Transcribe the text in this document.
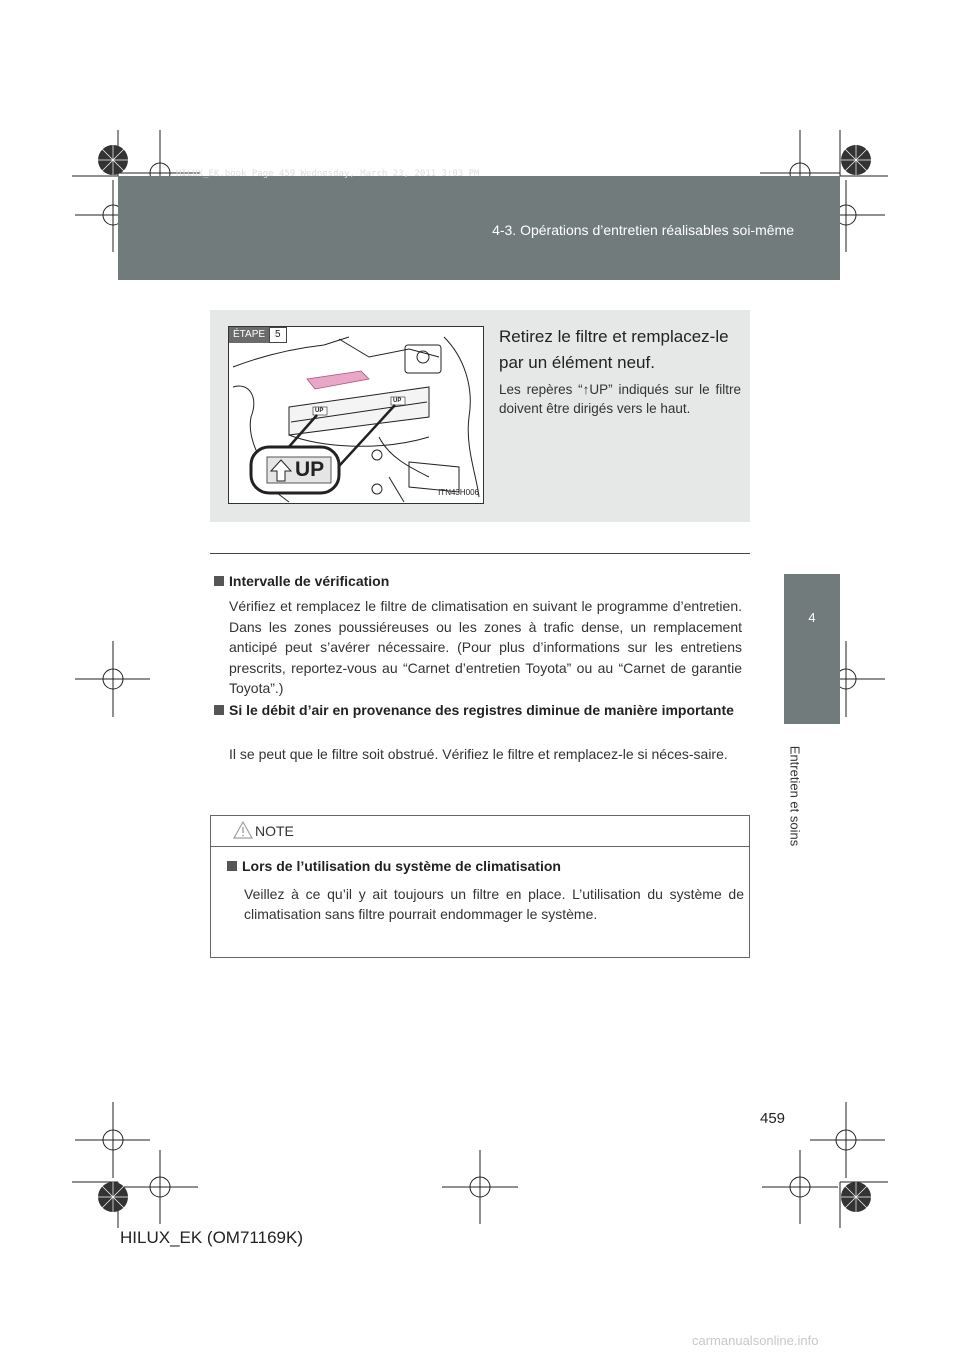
HILUX_EK.book Page 459 Wednesday, March 23, 2011 3:03 PM
4-3. Opérations d’entretien réalisables soi-même
4
Entretien et soins
UP
UP
UP
ÉTAPE	5
ITN43H006
Retirez le filtre et remplacez-le par un élément neuf.
Les repères “↑UP” indiqués sur le filtre doivent être dirigés vers le haut.
Intervalle de vérification
Vérifiez et remplacez le filtre de climatisation en suivant le programme d’entretien. Dans les zones poussiéreuses ou les zones à trafic dense, un remplacement anticipé peut s’avérer nécessaire. (Pour plus d’informations sur les entretiens prescrits, reportez-vous au “Carnet d’entretien Toyota” ou au “Carnet de garantie Toyota”.)
Si le débit d’air en provenance des registres diminue de manière importante
Il se peut que le filtre soit obstrué. Vérifiez le filtre et remplacez-le si néces-saire.
NOTE
Lors de l’utilisation du système de climatisation
Veillez à ce qu’il y ait toujours un filtre en place. L’utilisation du système de climatisation sans filtre pourrait endommager le système.
459
HILUX_EK (OM71169K)
carmanualsonline.info
